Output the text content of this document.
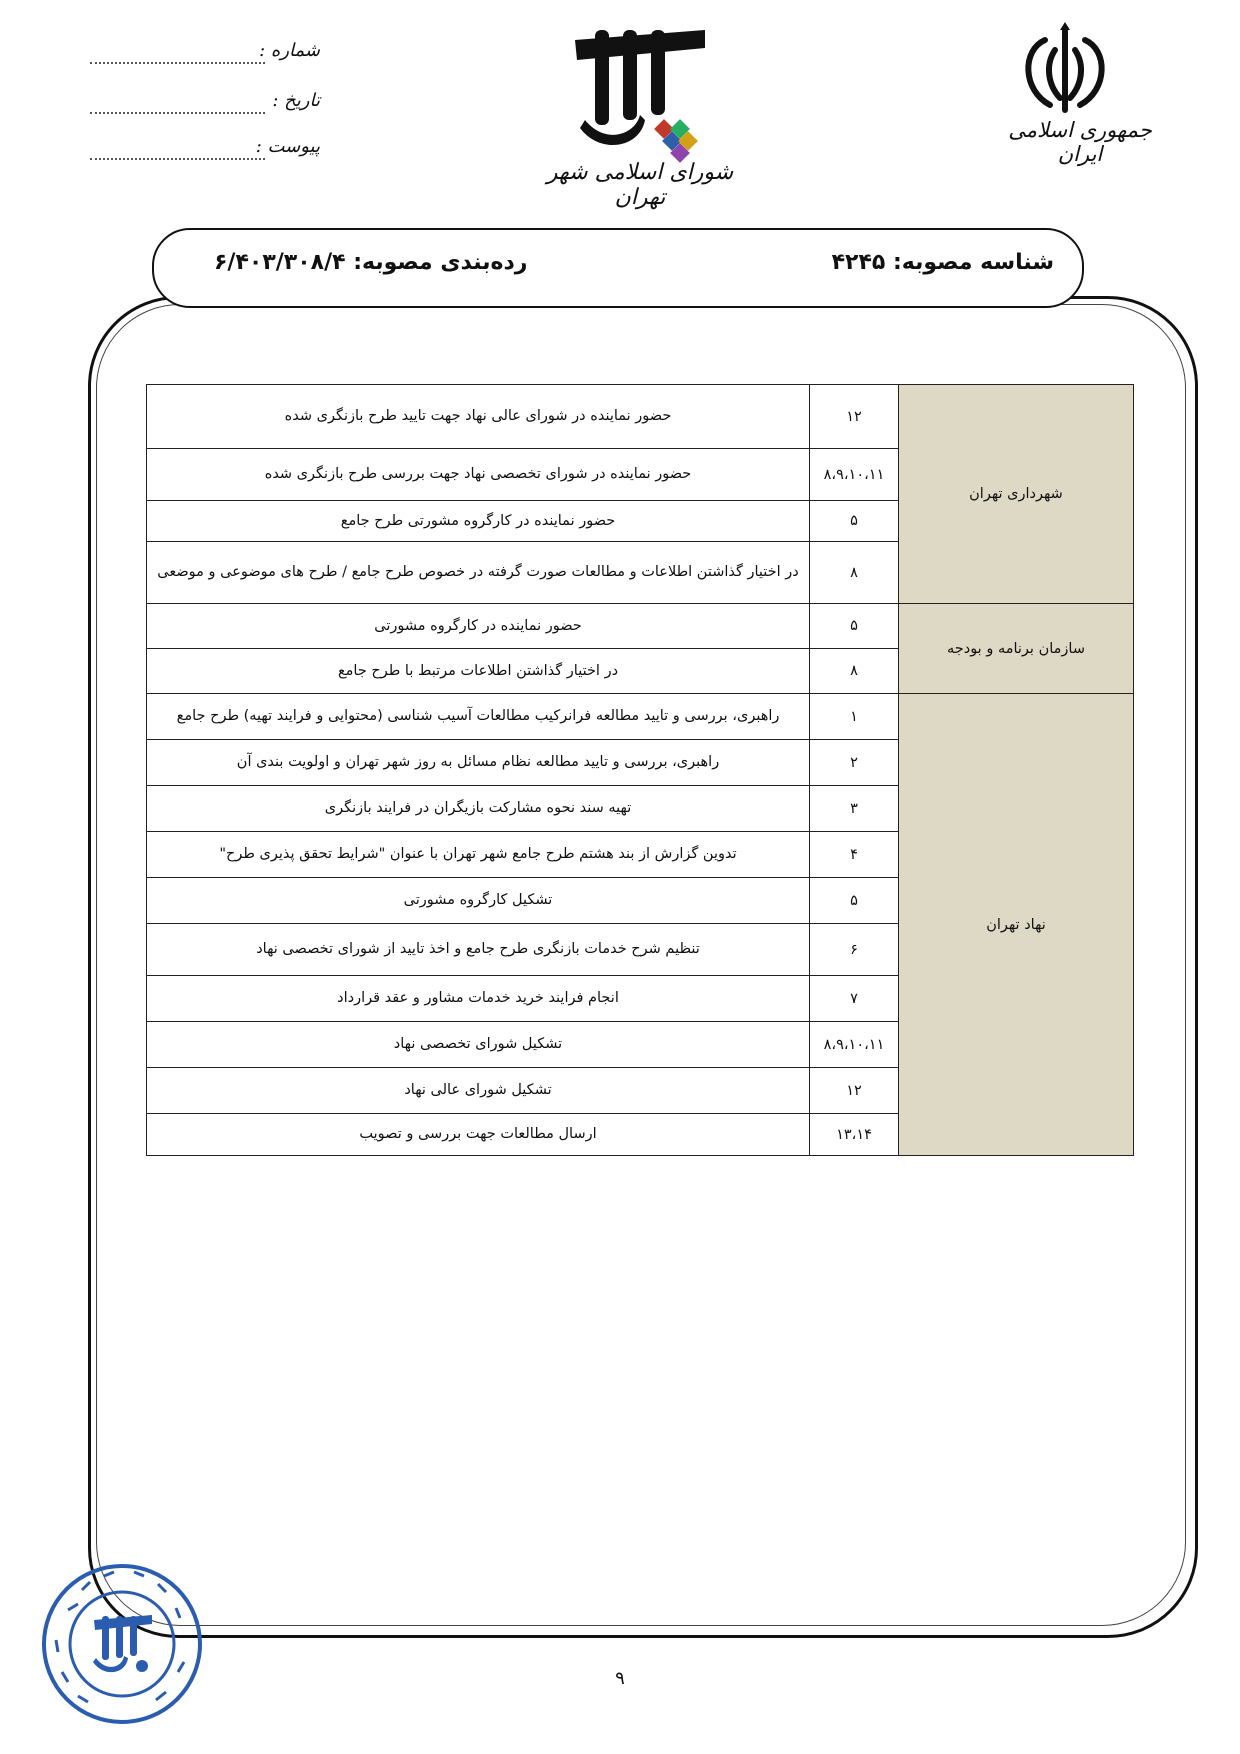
جمهوری اسلامی ایران
شورای اسلامی شهر تهران
شماره :
تاریخ :
پیوست :
شناسه مصوبه: ۴۲۴۵
رده‌بندی مصوبه: ۶/۴۰۳/۳۰۸/۴
شهرداری تهران	۱۲	حضور نماینده در شورای عالی نهاد جهت تایید طرح بازنگری شده
	۸،۹،۱۰،۱۱	حضور نماینده در شورای تخصصی نهاد جهت بررسی طرح بازنگری شده
	۵	حضور نماینده در کارگروه مشورتی طرح جامع
	۸	در اختیار گذاشتن اطلاعات و مطالعات صورت گرفته در خصوص طرح جامع / طرح های موضوعی و موضعی
سازمان برنامه و بودجه	۵	حضور نماینده در کارگروه مشورتی
	۸	در اختیار گذاشتن اطلاعات مرتبط با طرح جامع
نهاد تهران	۱	راهبری، بررسی و تایید مطالعه فرانرکیب مطالعات آسیب شناسی (محتوایی و فرایند تهیه) طرح جامع
	۲	راهبری، بررسی و تایید مطالعه نظام مسائل به روز شهر تهران و اولویت بندی آن
	۳	تهیه سند نحوه مشارکت بازیگران در فرایند بازنگری
	۴	تدوین گزارش از بند هشتم طرح جامع شهر تهران با عنوان "شرایط تحقق پذیری طرح"
	۵	تشکیل کارگروه مشورتی
	۶	تنظیم شرح خدمات بازنگری طرح جامع و اخذ تایید از شورای تخصصی نهاد
	۷	انجام فرایند خرید خدمات مشاور و عقد قرارداد
	۸،۹،۱۰،۱۱	تشکیل شورای تخصصی نهاد
	۱۲	تشکیل شورای عالی نهاد
	۱۳،۱۴	ارسال مطالعات جهت بررسی و تصویب
۹
